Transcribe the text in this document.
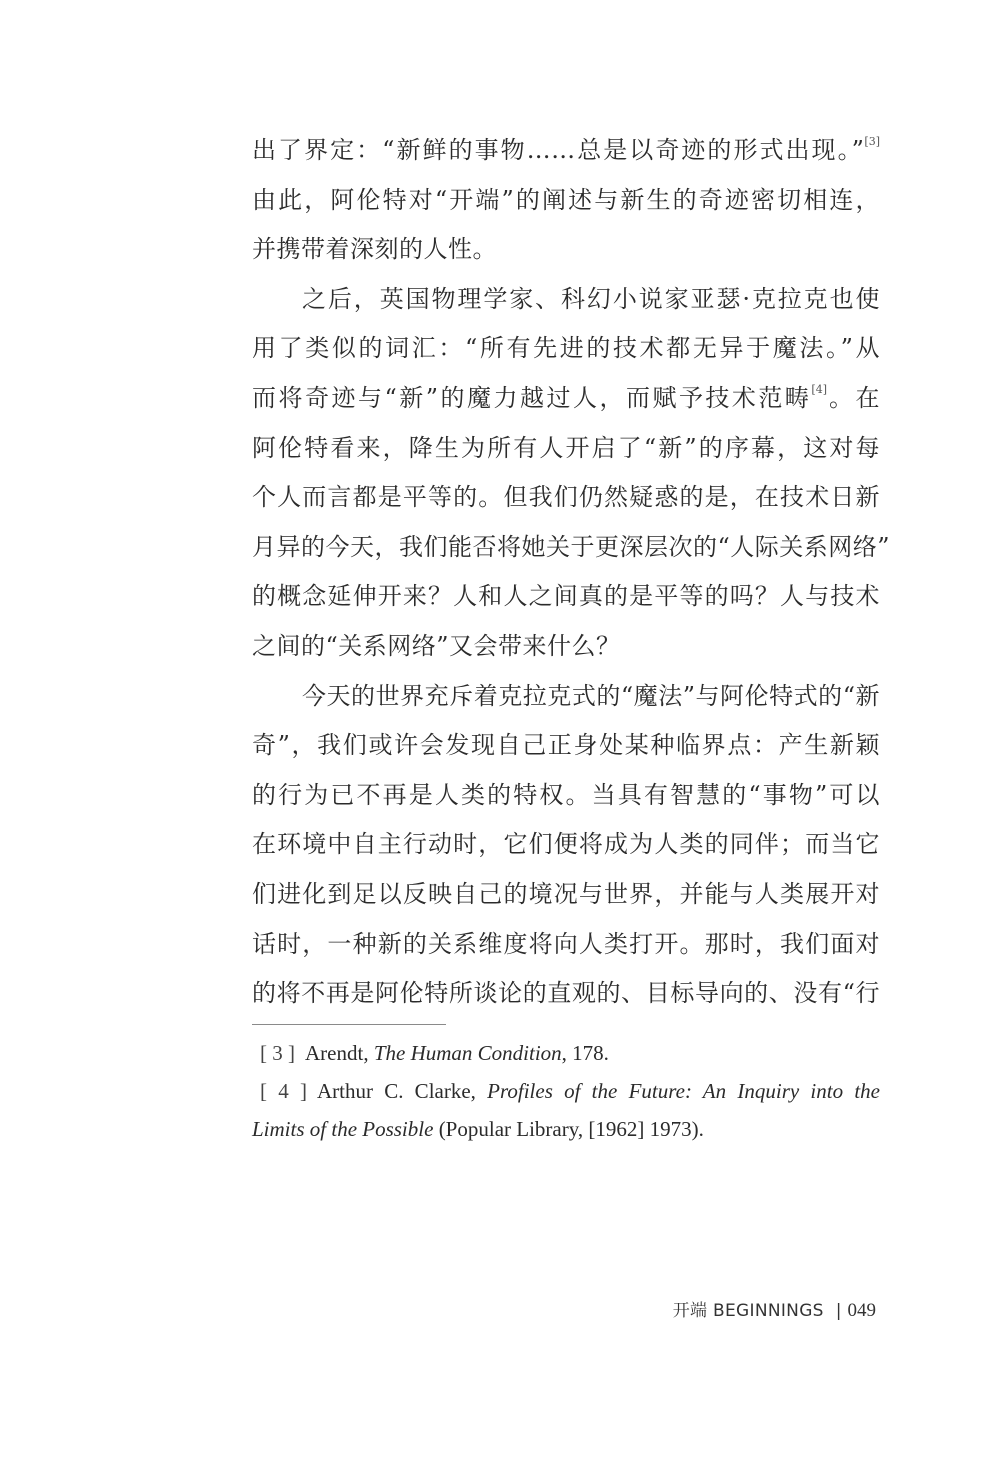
出了界定：“新鲜的事物……总是以奇迹的形式出现。”[3]
由此，阿伦特对“开端”的阐述与新生的奇迹密切相连，
并携带着深刻的人性。
之后，英国物理学家、科幻小说家亚瑟·克拉克也使
用了类似的词汇：“所有先进的技术都无异于魔法。”从
而将奇迹与“新”的魔力越过人，而赋予技术范畴[4]。在
阿伦特看来，降生为所有人开启了“新”的序幕，这对每
个人而言都是平等的。但我们仍然疑惑的是，在技术日新
月异的今天，我们能否将她关于更深层次的“人际关系网络”
的概念延伸开来？人和人之间真的是平等的吗？人与技术
之间的“关系网络”又会带来什么？
今天的世界充斥着克拉克式的“魔法”与阿伦特式的“新
奇”，我们或许会发现自己正身处某种临界点：产生新颖
的行为已不再是人类的特权。当具有智慧的“事物”可以
在环境中自主行动时，它们便将成为人类的同伴；而当它
们进化到足以反映自己的境况与世界，并能与人类展开对
话时，一种新的关系维度将向人类打开。那时，我们面对
的将不再是阿伦特所谈论的直观的、目标导向的、没有“行
[ 3 ] Arendt, The Human Condition, 178.
[ 4 ] Arthur C. Clarke, Profiles of the Future: An Inquiry into the
Limits of the Possible (Popular Library, [1962] 1973).
开端 BEGINNINGS | 049
